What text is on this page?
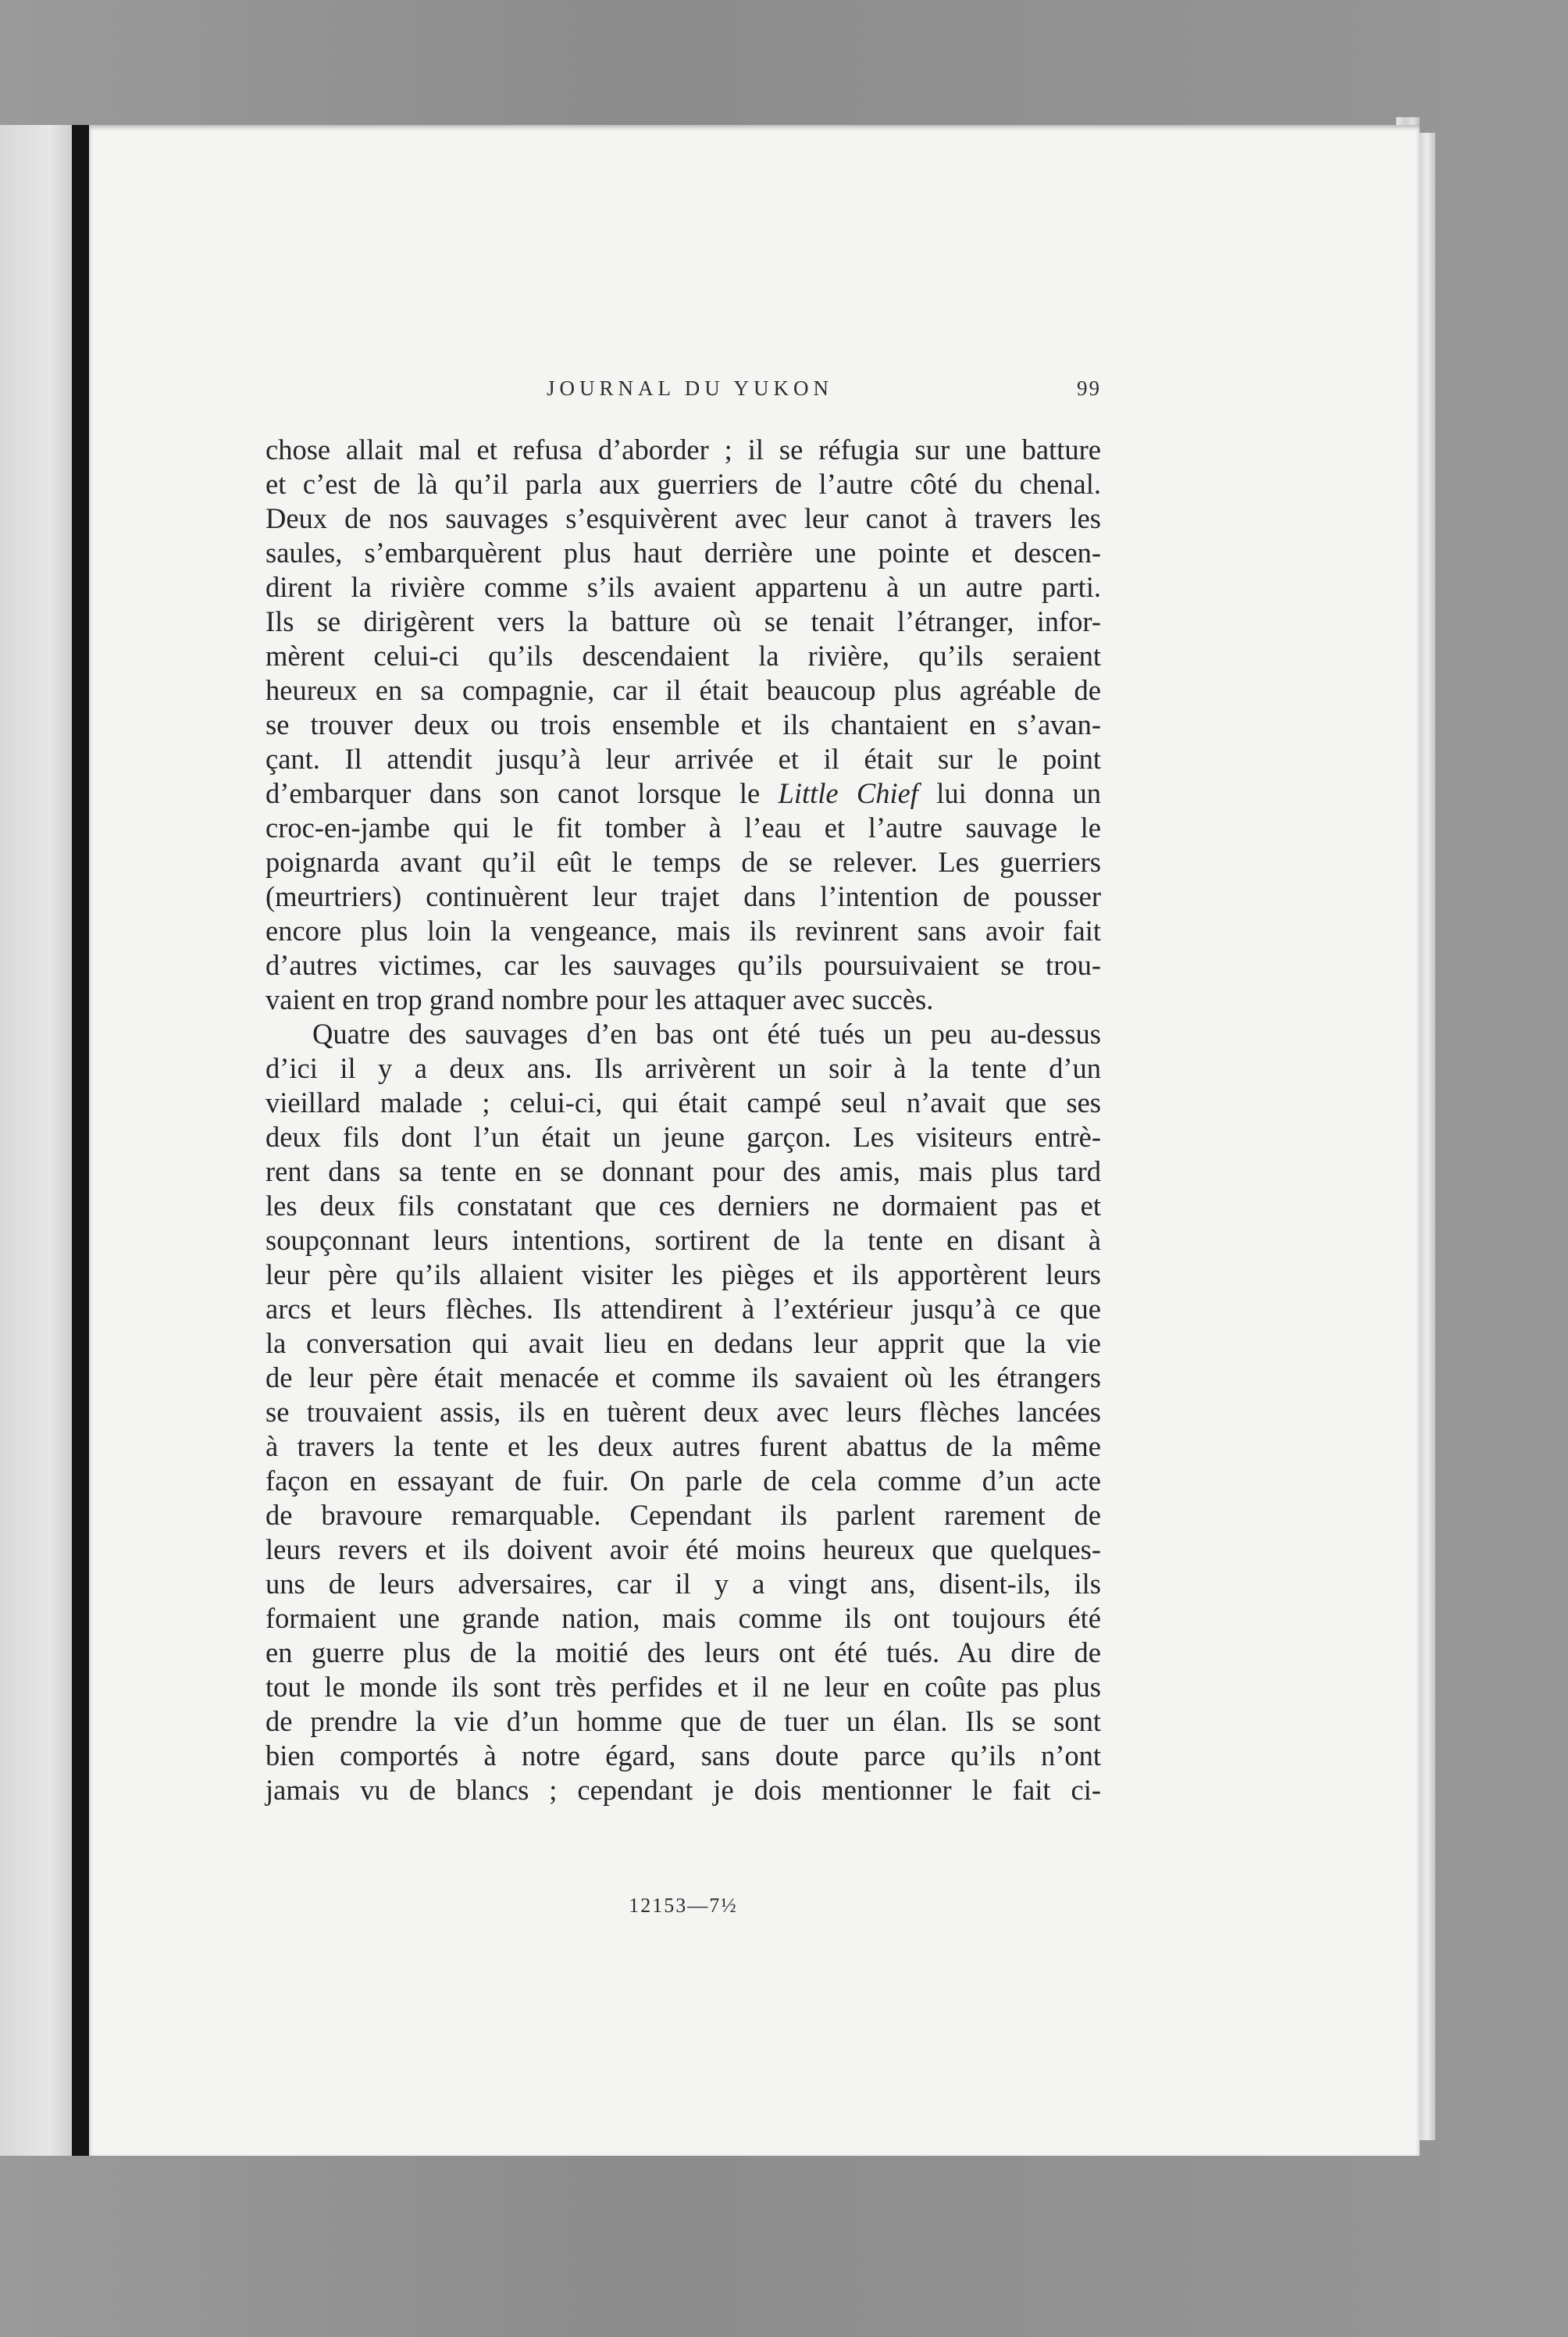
JOURNAL DU YUKON	99
chose allait mal et refusa d’aborder ; il se réfugia sur une batture
et c’est de là qu’il parla aux guerriers de l’autre côté du chenal.
Deux de nos sauvages s’esquivèrent avec leur canot à travers les
saules, s’embarquèrent plus haut derrière une pointe et descen-
dirent la rivière comme s’ils avaient appartenu à un autre parti.
Ils se dirigèrent vers la batture où se tenait l’étranger, infor-
mèrent celui-ci qu’ils descendaient la rivière, qu’ils seraient
heureux en sa compagnie, car il était beaucoup plus agréable de
se trouver deux ou trois ensemble et ils chantaient en s’avan-
çant. Il attendit jusqu’à leur arrivée et il était sur le point
d’embarquer dans son canot lorsque le Little Chief lui donna un
croc-en-jambe qui le fit tomber à l’eau et l’autre sauvage le
poignarda avant qu’il eût le temps de se relever. Les guerriers
(meurtriers) continuèrent leur trajet dans l’intention de pousser
encore plus loin la vengeance, mais ils revinrent sans avoir fait
d’autres victimes, car les sauvages qu’ils poursuivaient se trou-
vaient en trop grand nombre pour les attaquer avec succès.
Quatre des sauvages d’en bas ont été tués un peu au-dessus
d’ici il y a deux ans. Ils arrivèrent un soir à la tente d’un
vieillard malade ; celui-ci, qui était campé seul n’avait que ses
deux fils dont l’un était un jeune garçon. Les visiteurs entrè-
rent dans sa tente en se donnant pour des amis, mais plus tard
les deux fils constatant que ces derniers ne dormaient pas et
soupçonnant leurs intentions, sortirent de la tente en disant à
leur père qu’ils allaient visiter les pièges et ils apportèrent leurs
arcs et leurs flèches. Ils attendirent à l’extérieur jusqu’à ce que
la conversation qui avait lieu en dedans leur apprit que la vie
de leur père était menacée et comme ils savaient où les étrangers
se trouvaient assis, ils en tuèrent deux avec leurs flèches lancées
à travers la tente et les deux autres furent abattus de la même
façon en essayant de fuir. On parle de cela comme d’un acte
de bravoure remarquable. Cependant ils parlent rarement de
leurs revers et ils doivent avoir été moins heureux que quelques-
uns de leurs adversaires, car il y a vingt ans, disent-ils, ils
formaient une grande nation, mais comme ils ont toujours été
en guerre plus de la moitié des leurs ont été tués. Au dire de
tout le monde ils sont très perfides et il ne leur en coûte pas plus
de prendre la vie d’un homme que de tuer un élan. Ils se sont
bien comportés à notre égard, sans doute parce qu’ils n’ont
jamais vu de blancs ; cependant je dois mentionner le fait ci-
12153—7½
